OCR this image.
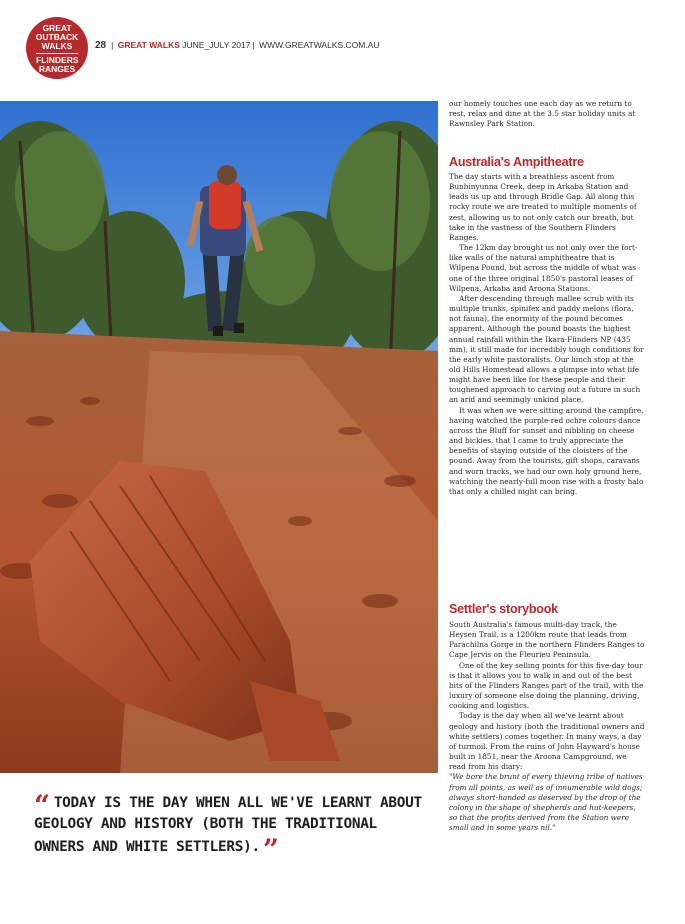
GREAT
OUTBACK
WALKS
FLINDERS
RANGES
28 | GREAT WALKS JUNE_JULY 2017 | WWW.GREATWALKS.COM.AU

our homely touches one each day as we return to rest, relax and dine at the 3.5 star holiday units at Rawnsley Park Station.

Australia's Ampitheatre

The day starts with a breathless ascent from Bunbinyunna Creek, deep in Arkaba Station and leads us up and through Bridle Gap. All along this rocky route we are treated to multiple moments of zest, allowing us to not only catch our breath, but take in the vastness of the Southern Flinders Ranges.

The 12km day brought us not only over the fort-like walls of the natural amphitheatre that is Wilpena Pound, but across the middle of what was one of the three original 1850's pastoral leases of Wilpena, Arkaba and Aroona Stations.

After descending through mallee scrub with its multiple trunks, spinifex and paddy melons (flora, not fauna), the enormity of the pound becomes apparent. Although the pound boasts the highest annual rainfall within the Ikara-Flinders NP (435 mm), it still made for incredibly tough conditions for the early white pastoralists. Our lunch stop at the old Hills Homestead allows a glimpse into what life might have been like for these people and their toughened approach to carving out a future in such an arid and seemingly unkind place.

It was when we were sitting around the campfire, having watched the purple-red ochre colours dance across the Bluff for sunset and nibbling on cheese and bickies, that I came to truly appreciate the benefits of staying outside of the cloisters of the pound. Away from the tourists, gift shops, caravans and worn tracks, we had our own holy ground here, watching the nearly-full moon rise with a frosty halo that only a chilled night can bring.

Settler's storybook

South Australia's famous multi-day track, the Heysen Trail, is a 1200km route that leads from Parachilna Gorge in the northern Flinders Ranges to Cape Jervis on the Fleurieu Peninsula.

One of the key selling points for this five-day tour is that it allows you to walk in and out of the best bits of the Flinders Ranges part of the trail, with the luxury of someone else doing the planning, driving, cooking and logistics.

Today is the day when all we've learnt about geology and history (both the traditional owners and white settlers) comes together. In many ways, a day of turmoil. From the ruins of John Hayward's house built in 1851, near the Aroona Campground, we read from his diary:

"We bore the brunt of every thieving tribe of natives from all points, as well as of innumerable wild dogs; always short-handed as deserved by the drop of the colony in the shape of shepherds and hut-keepers, so that the profits derived from the Station were small and in some years nil."

“ TODAY IS THE DAY WHEN ALL WE'VE LEARNT ABOUT GEOLOGY AND HISTORY (BOTH THE TRADITIONAL OWNERS AND WHITE SETTLERS). ”
